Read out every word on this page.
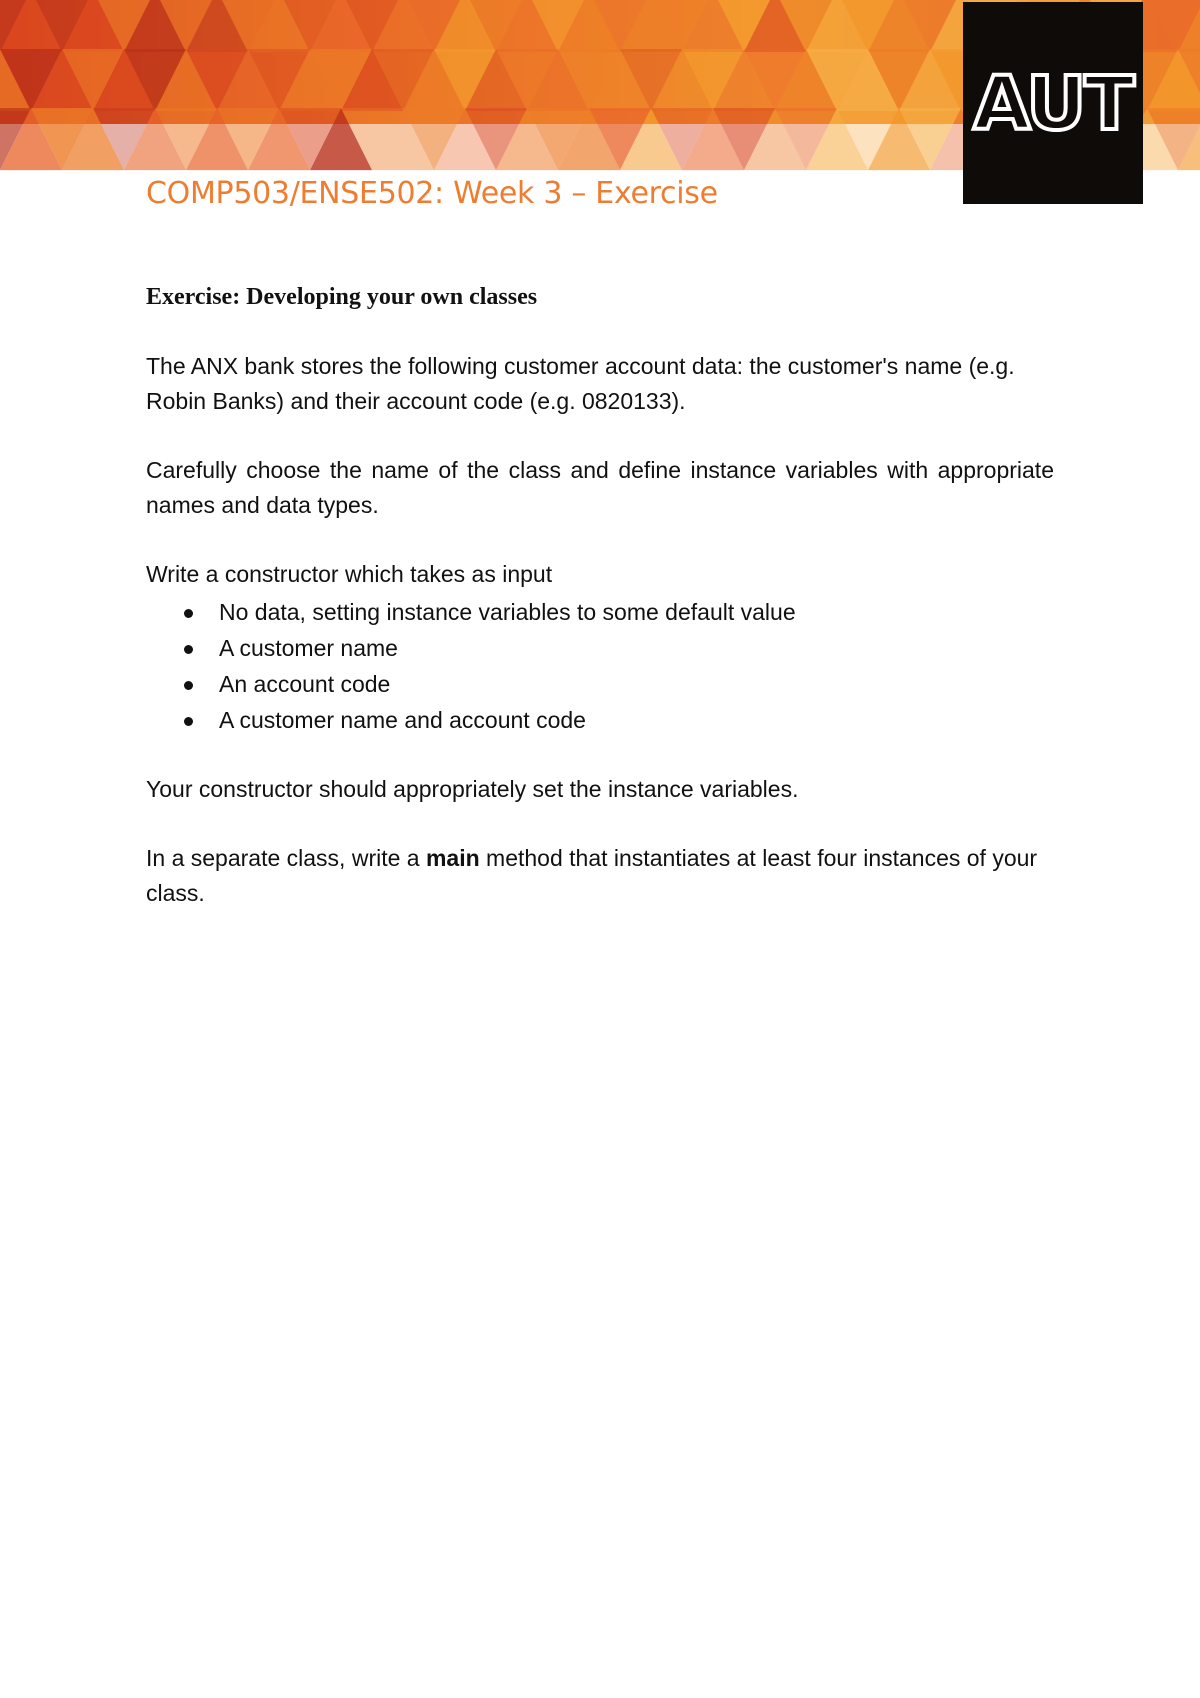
AUT
COMP503/ENSE502: Week 3 – Exercise

Exercise: Developing your own classes

The ANX bank stores the following customer account data: the customer's name (e.g. Robin Banks) and their account code (e.g. 0820133).

Carefully choose the name of the class and define instance variables with appropriate names and data types.

Write a constructor which takes as input

No data, setting instance variables to some default value
A customer name
An account code
A customer name and account code

Your constructor should appropriately set the instance variables.

In a separate class, write a main method that instantiates at least four instances of your class.
